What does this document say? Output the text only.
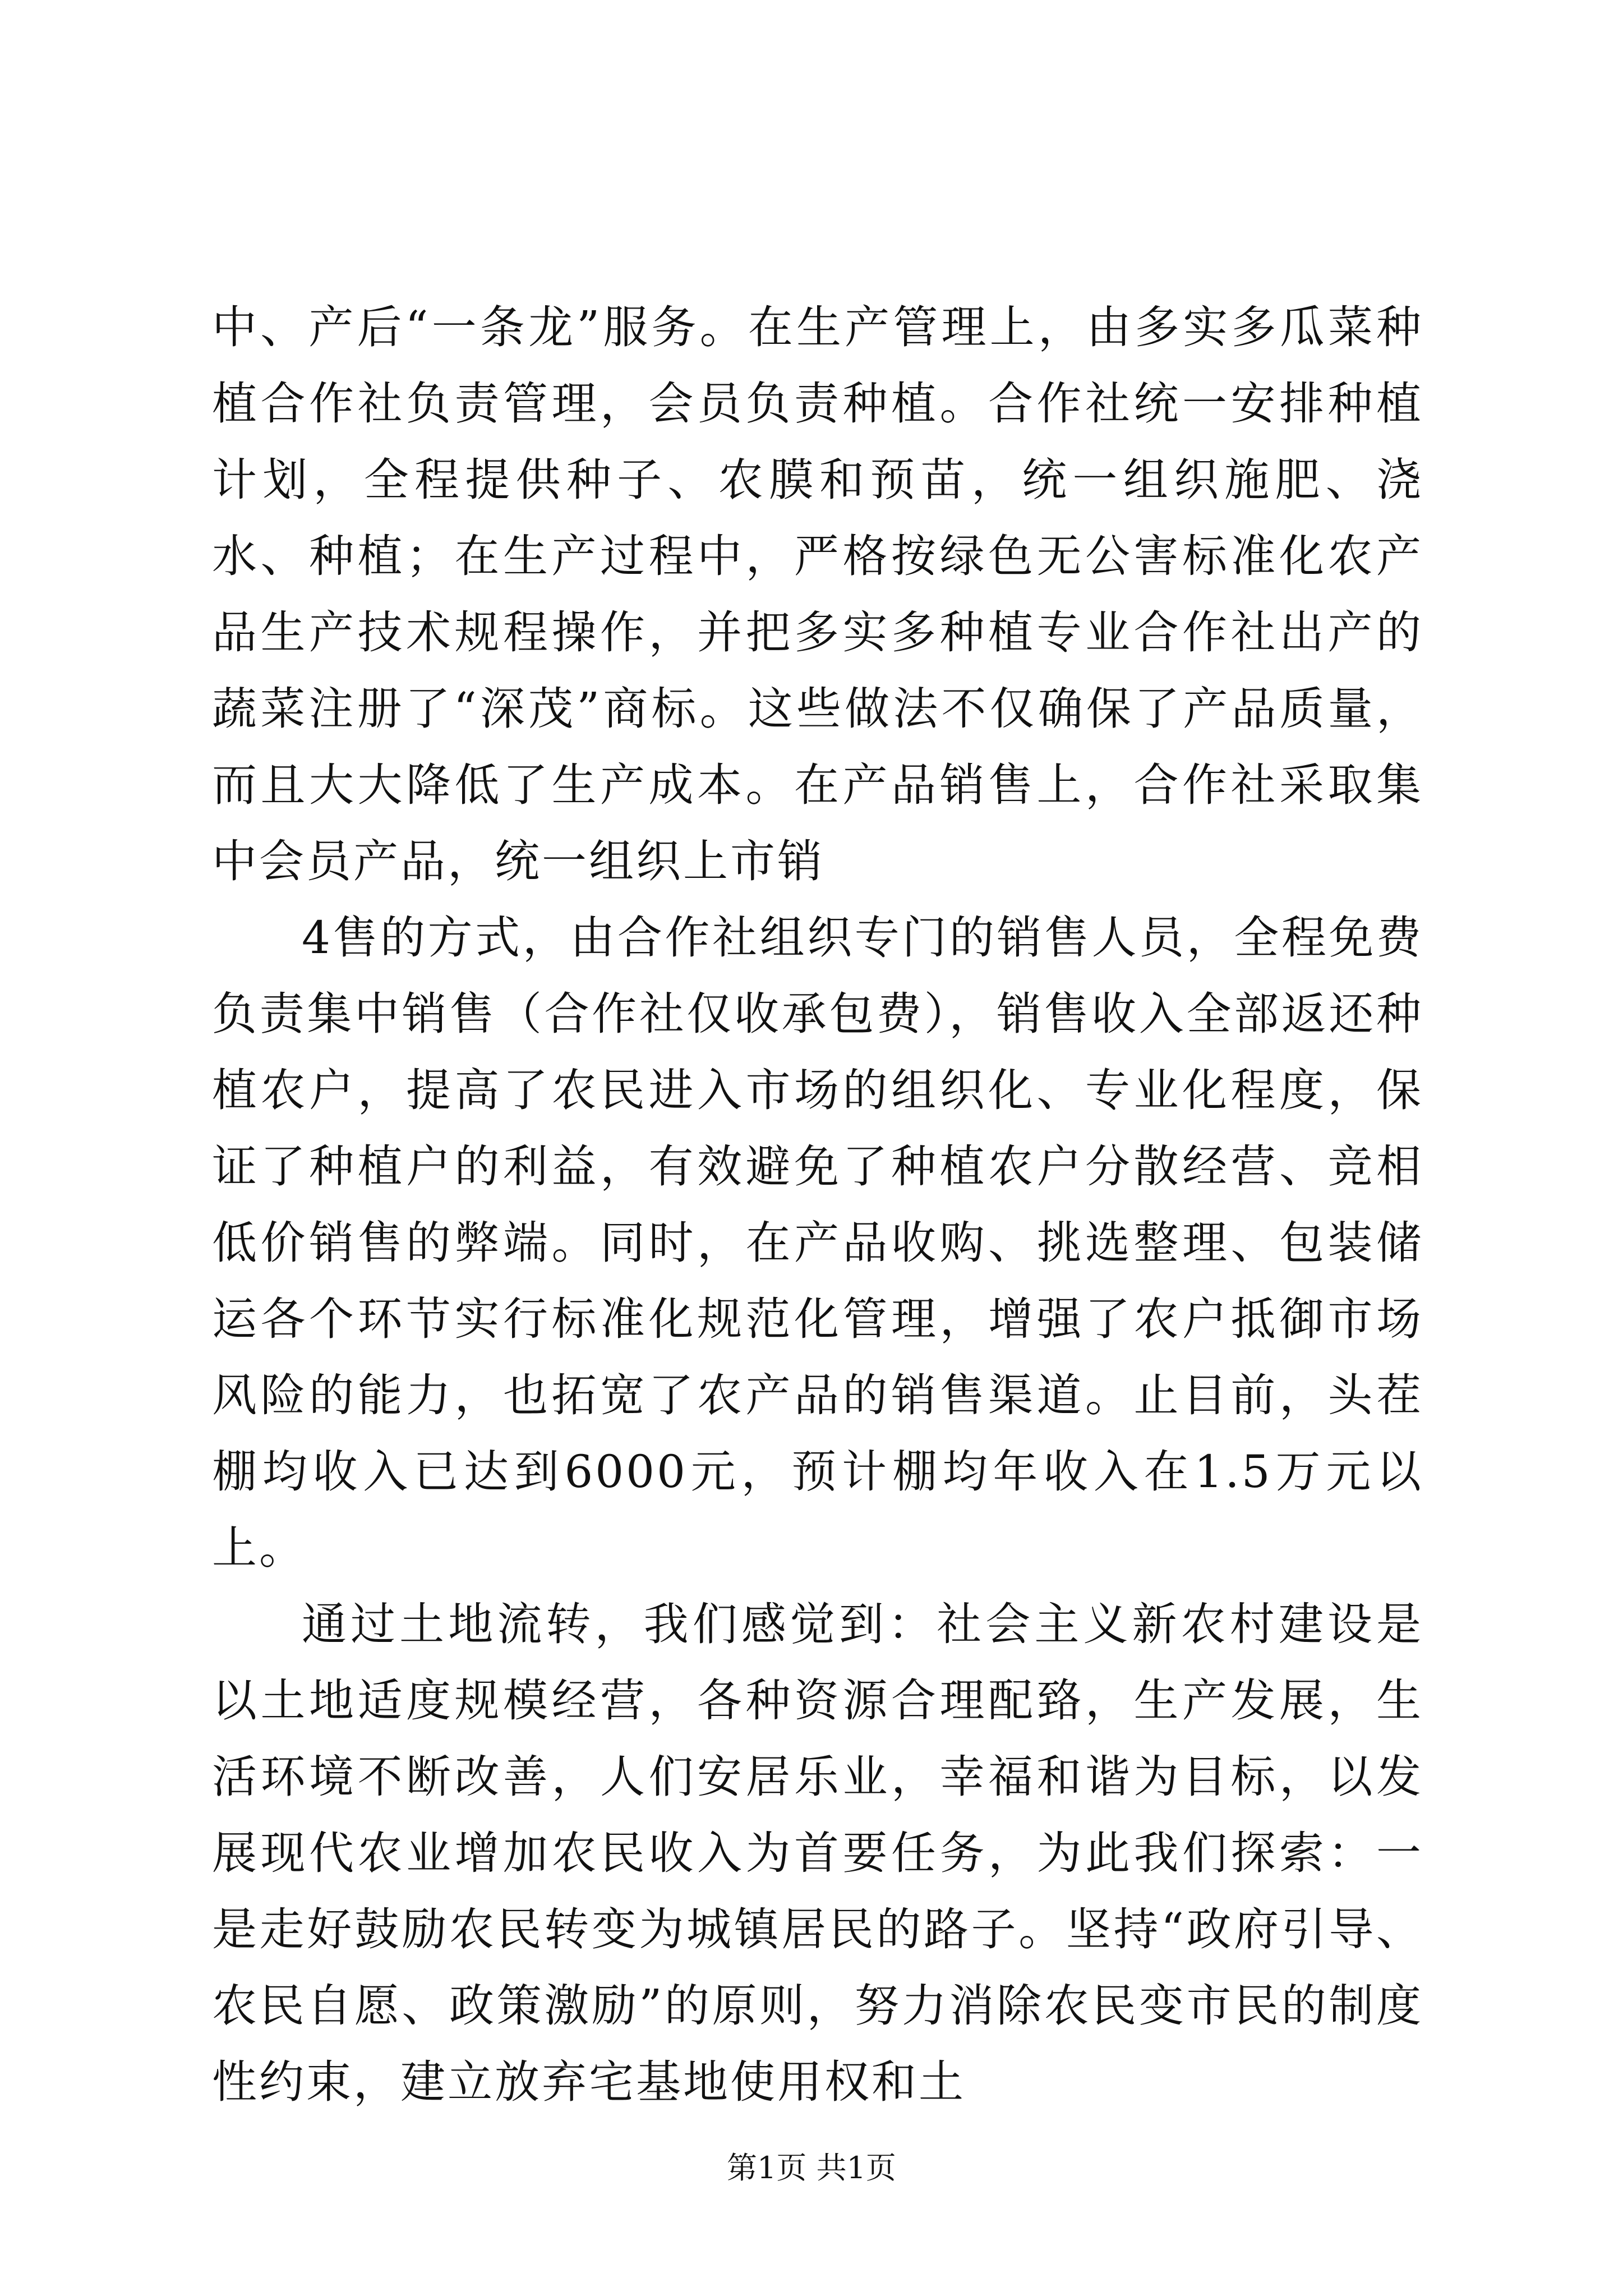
中、产后“一条龙”服务。在生产管理上，由多实多瓜菜种植合作社负责管理，会员负责种植。合作社统一安排种植计划，全程提供种子、农膜和预苗，统一组织施肥、浇水、种植；在生产过程中，严格按绿色无公害标准化农产品生产技术规程操作，并把多实多种植专业合作社出产的蔬菜注册了“深茂”商标。这些做法不仅确保了产品质量，而且大大降低了生产成本。在产品销售上，合作社采取集中会员产品，统一组织上市销

4售的方式，由合作社组织专门的销售人员，全程免费负责集中销售（合作社仅收承包费），销售收入全部返还种植农户，提高了农民进入市场的组织化、专业化程度，保证了种植户的利益，有效避免了种植农户分散经营、竞相低价销售的弊端。同时，在产品收购、挑选整理、包装储运各个环节实行标准化规范化管理，增强了农户抵御市场风险的能力，也拓宽了农产品的销售渠道。止目前，头茬棚均收入已达到6000元，预计棚均年收入在1.5万元以上。

通过土地流转，我们感觉到：社会主义新农村建设是以土地适度规模经营，各种资源合理配臵，生产发展，生活环境不断改善，人们安居乐业，幸福和谐为目标，以发展现代农业增加农民收入为首要任务，为此我们探索：一是走好鼓励农民转变为城镇居民的路子。坚持“政府引导、农民自愿、政策激励”的原则，努力消除农民变市民的制度性约束，建立放弃宅基地使用权和土

第1页 共1页
